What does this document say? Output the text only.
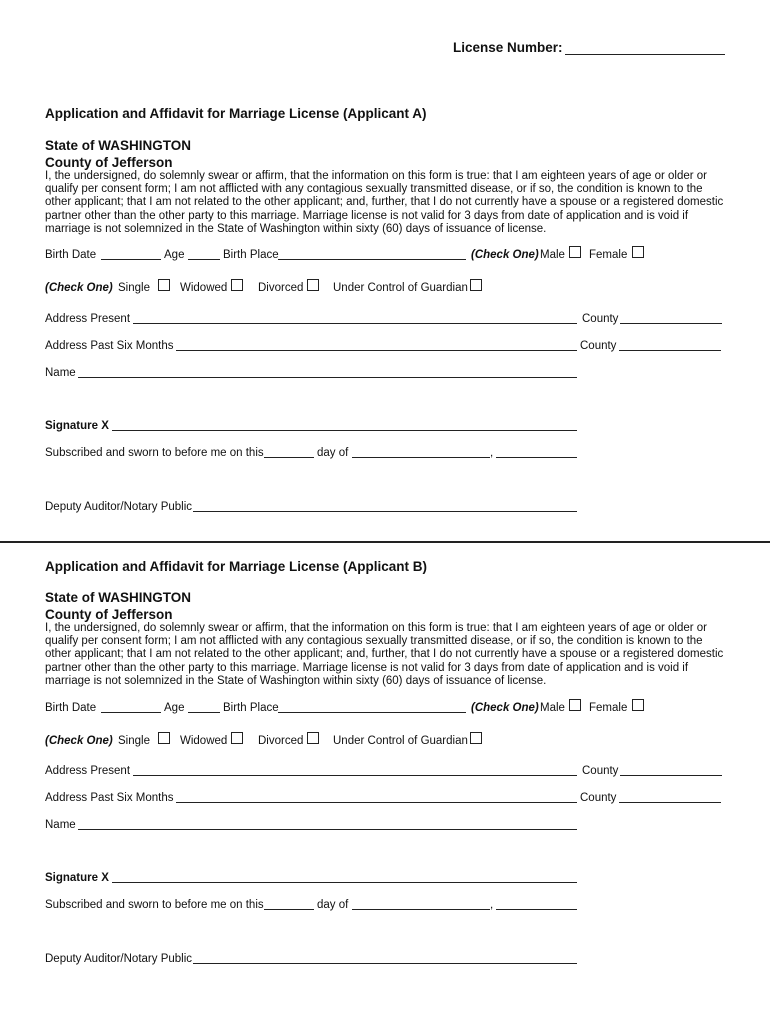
License Number:
Application and Affidavit for Marriage License (Applicant A)
State of WASHINGTON
County of Jefferson
I, the undersigned, do solemnly swear or affirm, that the information on this form is true: that I am eighteen years of age or older or qualify per consent form; I am not afflicted with any contagious sexually transmitted disease, or if so, the condition is known to the other applicant; that I am not related to the other applicant; and, further, that I do not currently have a spouse or a registered domestic partner other than the other party to this marriage. Marriage license is not valid for 3 days from date of application and is void if marriage is not solemnized in the State of Washington within sixty (60) days of issuance of license.
Birth Date	Age	Birth Place	(Check One) Male Female
(Check One) Single	Widowed	Divorced	Under Control of Guardian
Address Present	County
Address Past Six Months	County
Name
Signature X
Subscribed and sworn to before me on this	day of	,
Deputy Auditor/Notary Public
Application and Affidavit for Marriage License (Applicant B)
State of WASHINGTON
County of Jefferson
I, the undersigned, do solemnly swear or affirm, that the information on this form is true: that I am eighteen years of age or older or qualify per consent form; I am not afflicted with any contagious sexually transmitted disease, or if so, the condition is known to the other applicant; that I am not related to the other applicant; and, further, that I do not currently have a spouse or a registered domestic partner other than the other party to this marriage. Marriage license is not valid for 3 days from date of application and is void if marriage is not solemnized in the State of Washington within sixty (60) days of issuance of license.
Birth Date	Age	Birth Place	(Check One) Male Female
(Check One) Single	Widowed	Divorced	Under Control of Guardian
Address Present	County
Address Past Six Months	County
Name
Signature X
Subscribed and sworn to before me on this	day of	,
Deputy Auditor/Notary Public
